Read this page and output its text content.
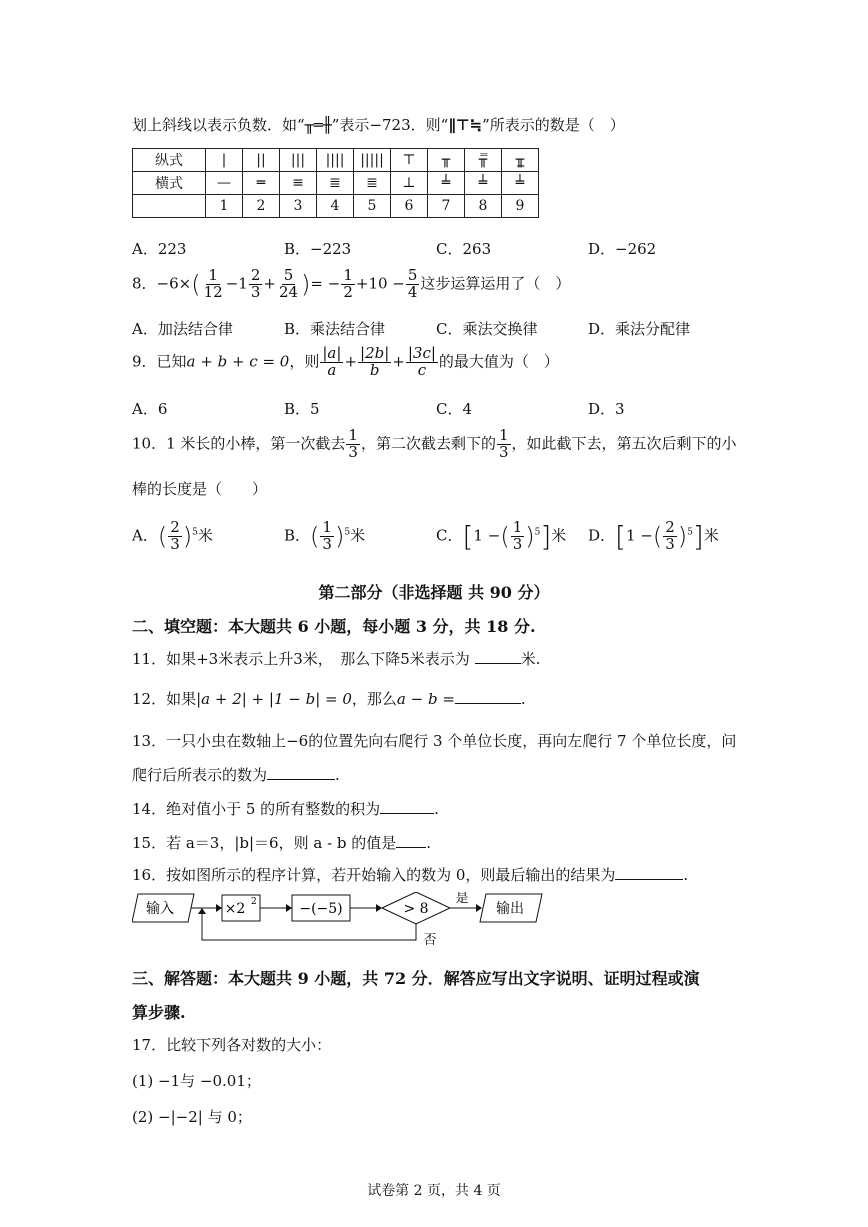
划上斜线以表示负数．如“╥═╫”表示−723．则“∥⊤≒”所表示的数是（　）
纵式	|	||	|||	||||	|||||	⊤	╥	╥̿	╥̳
横式	—	═	≡	≣	≣	⊥	╧	╧	╧
	1	2	3	4	5	6	7	8	9
A．223	B．−223	C．263	D．−262
8．$-6\times( \frac{1}{12} -1 \frac{2}{3} + \frac{5}{24}$ )= − $\frac{1}{2} +10 - \frac{5}{4}$ 这步运算运用了（　）
A．加法结合律	B．乘法结合律	C．乘法交换律	D．乘法分配律
9．已知a + b + c = 0，则 $\frac{|a|}{a} + \frac{|2b|}{b} + \frac{|3c|}{c}$ 的最大值为（　）
A．6	B．5	C．4	D．3
10．1 米长的小棒，第一次截去 $\frac{1}{3}$ ，第二次截去剩下的 $\frac{1}{3}$ ，如此截下去，第五次后剩下的小
棒的长度是（　　）
A．( $\frac{2}{3} )^5$米	B．( $\frac{1}{3} )^5$米	C．[1 −( $\frac{1}{3} )^5$]米 D．[1 −( $\frac{2}{3} )^5$]米
第二部分（非选择题 共 90 分）
二、填空题：本大题共 6 小题，每小题 3 分，共 18 分.
11．如果+3米表示上升3米，　那么下降5米表示为	米.
12．如果|a + 2| + |1 − b| = 0，那么a − b =	.
13．一只小虫在数轴上−6的位置先向右爬行 3 个单位长度，再向左爬行 7 个单位长度，问
爬行后所表示的数为	.
14．绝对值小于 5 的所有整数的积为	.
15．若 a＝3，|b|＝6，则 a - b 的值是 .
16．按如图所示的程序计算，若开始输入的数为 0，则最后输出的结果为	.
输入	×2 2	−(−5)	> 8
是
输出
否
三、解答题：本大题共 9 小题，共 72 分．解答应写出文字说明、证明过程或演
算步骤.
17．比较下列各对数的大小：
(1) −1与 −0.01；
(2) −|−2| 与 0；
试卷第 2 页，共 4 页
